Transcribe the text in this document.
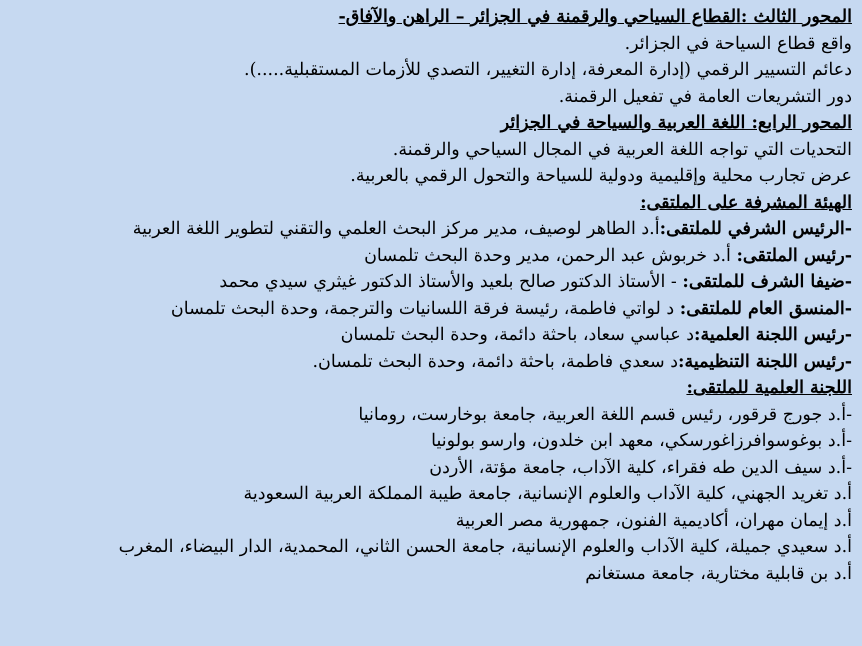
المحور الثالث :القطاع السياحي والرقمنة في الجزائر – الراهن والآفاق-
واقع قطاع السياحة في الجزائر.
دعائم التسيير الرقمي (إدارة المعرفة، إدارة التغيير، التصدي للأزمات المستقبلية.....).
دور التشريعات العامة في تفعيل الرقمنة.
المحور الرابع: اللغة العربية والسياحة في الجزائر
التحديات التي تواجه اللغة العربية في المجال السياحي والرقمنة.
عرض تجارب محلية وإقليمية ودولية للسياحة والتحول الرقمي بالعربية.
الهيئة المشرفة على الملتقى:
-الرئيس الشرفي للملتقى:أ.د الطاهر لوصيف، مدير مركز البحث العلمي والتقني لتطوير اللغة العربية
-رئيس الملتقى: أ.د خربوش عبد الرحمن، مدير وحدة البحث تلمسان
-ضيفا الشرف للملتقى: - الأستاذ الدكتور صالح بلعيد والأستاذ الدكتور غيثري سيدي محمد
-المنسق العام للملتقى: د لواتي فاطمة، رئيسة فرقة اللسانيات والترجمة، وحدة البحث تلمسان
-رئيس اللجنة العلمية:د عباسي سعاد، باحثة دائمة، وحدة البحث تلمسان
-رئيس اللجنة التنظيمية:د سعدي فاطمة، باحثة دائمة، وحدة البحث تلمسان.
اللجنة العلمية للملتقى:
-أ.د جورج قرقور، رئيس قسم اللغة العربية، جامعة بوخارست، رومانيا
-أ.د بوغوسوافرزاغورسكي، معهد ابن خلدون، وارسو بولونيا
-أ.د سيف الدين طه فقراء، كلية الآداب، جامعة مؤتة، الأردن
أ.د تغريد الجهني، كلية الآداب والعلوم الإنسانية، جامعة طيبة المملكة العربية السعودية
أ.د إيمان مهران، أكاديمية الفنون، جمهورية مصر العربية
أ.د سعيدي جميلة، كلية الآداب والعلوم الإنسانية، جامعة الحسن الثاني، المحمدية، الدار البيضاء، المغرب
أ.د بن قابلية مختارية، جامعة مستغانم
